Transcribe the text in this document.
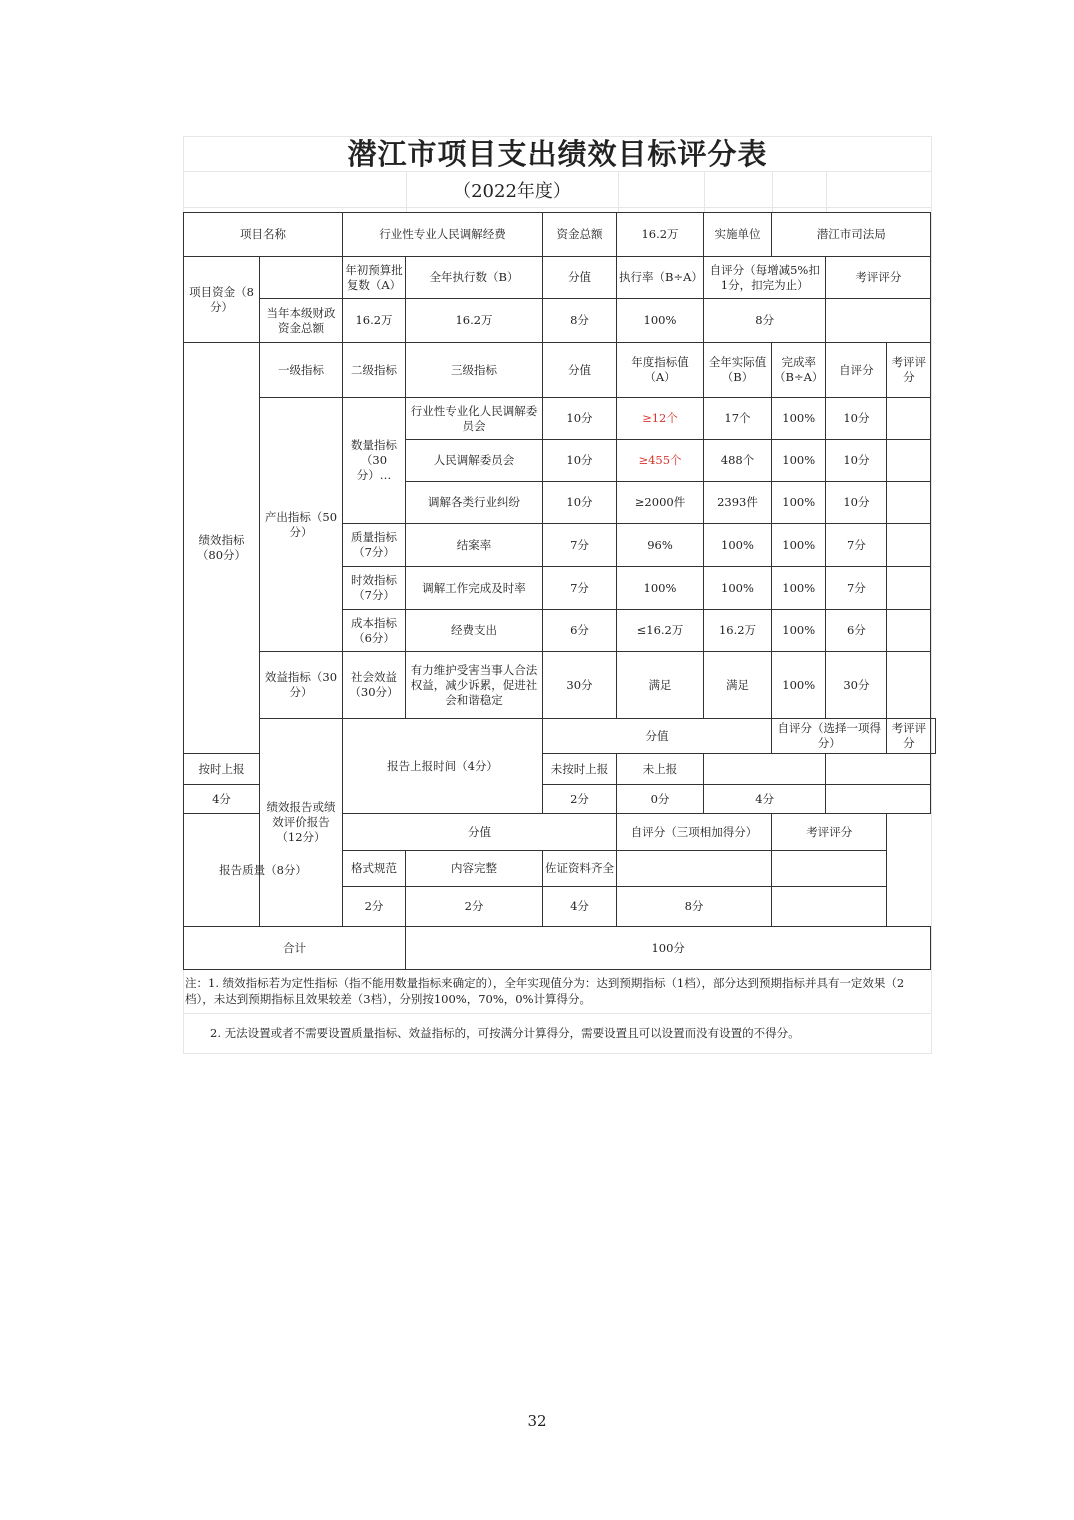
潜江市项目支出绩效目标评分表
（2022年度）
项目名称		行业性专业人民调解经费		资金总额	16.2万	实施单位	潜江市司法局			
项目资金（8分）		年初预算批复数（A）	全年执行数（B）	分值	执行率（B÷A）	自评分（每增减5%扣1分，扣完为止）		考评评分		
	当年本级财政资金总额	16.2万	16.2万	8分	100%	8分				
绩效指标（80分）	一级指标	二级指标	三级指标	分值	年度指标值（A）	全年实际值（B）	完成率（B÷A）	自评分	考评评分	
	产出指标（50分）	数量指标（30分）…	行业性专业化人民调解委员会	10分	≥12个	17个	100%	10分		
			人民调解委员会	10分	≥455个	488个	100%	10分		
			调解各类行业纠纷	10分	≥2000件	2393件	100%	10分		
		质量指标（7分）	结案率	7分	96%	100%	100%	7分		
		时效指标（7分）	调解工作完成及时率	7分	100%	100%	100%	7分		
		成本指标（6分）	经费支出	6分	≤16.2万	16.2万	100%	6分		
	效益指标（30分）	社会效益（30分）	有力维护受害当事人合法权益，减少诉累，促进社会和谐稳定	30分	满足	满足	100%	30分		
	绩效报告或绩效评价报告（12分）	报告上报时间（4分）		分值			自评分（选择一项得分）		考评评分	
按时上报				未按时上报	未上报					
4分				2分	0分	4分				
报告质量（8分）		分值			自评分（三项相加得分）		考评评分			
		格式规范	内容完整	佐证资料齐全						
		2分	2分	4分	8分					
合计			100分							
注：1. 绩效指标若为定性指标（指不能用数量指标来确定的），全年实现值分为：达到预期指标（1档），部分达到预期指标并具有一定效果（2档），未达到预期指标且效果较差（3档），分别按100%，70%，0%计算得分。
2. 无法设置或者不需要设置质量指标、效益指标的，可按满分计算得分，需要设置且可以设置而没有设置的不得分。
32
